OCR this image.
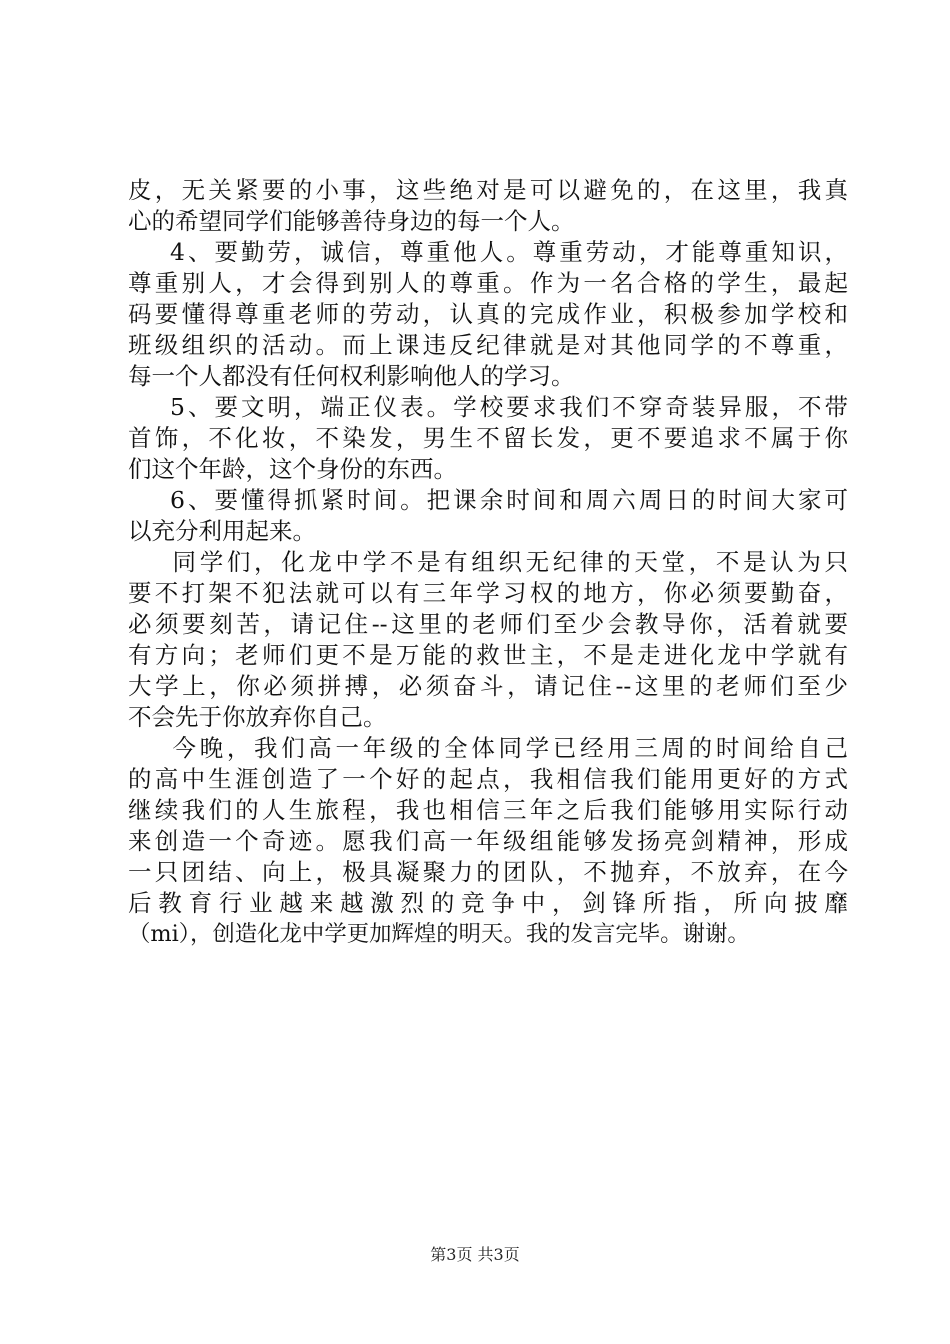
皮，无关紧要的小事，这些绝对是可以避免的，在这里，我真
心的希望同学们能够善待身边的每一个人。
4、要勤劳，诚信，尊重他人。尊重劳动，才能尊重知识，
尊重别人，才会得到别人的尊重。作为一名合格的学生，最起
码要懂得尊重老师的劳动，认真的完成作业，积极参加学校和
班级组织的活动。而上课违反纪律就是对其他同学的不尊重，
每一个人都没有任何权利影响他人的学习。
5、要文明，端正仪表。学校要求我们不穿奇装异服，不带
首饰，不化妆，不染发，男生不留长发，更不要追求不属于你
们这个年龄，这个身份的东西。
6、要懂得抓紧时间。把课余时间和周六周日的时间大家可
以充分利用起来。
同学们，化龙中学不是有组织无纪律的天堂，不是认为只
要不打架不犯法就可以有三年学习权的地方，你必须要勤奋，
必须要刻苦，请记住--这里的老师们至少会教导你，活着就要
有方向；老师们更不是万能的救世主，不是走进化龙中学就有
大学上，你必须拼搏，必须奋斗，请记住--这里的老师们至少
不会先于你放弃你自己。
今晚，我们高一年级的全体同学已经用三周的时间给自己
的高中生涯创造了一个好的起点，我相信我们能用更好的方式
继续我们的人生旅程，我也相信三年之后我们能够用实际行动
来创造一个奇迹。愿我们高一年级组能够发扬亮剑精神，形成
一只团结、向上，极具凝聚力的团队，不抛弃，不放弃，在今
后教育行业越来越激烈的竞争中，剑锋所指，所向披靡
（mi），创造化龙中学更加辉煌的明天。我的发言完毕。谢谢。
第3页 共3页
